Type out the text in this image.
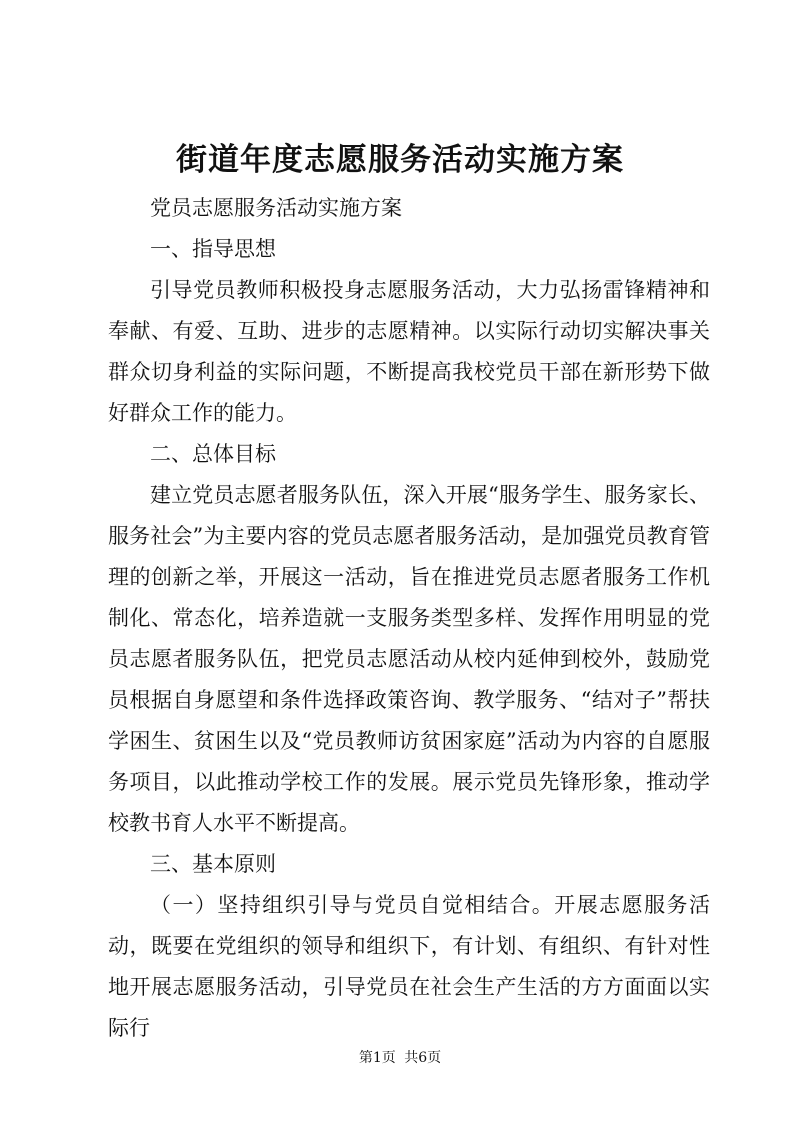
街道年度志愿服务活动实施方案

党员志愿服务活动实施方案

一、指导思想

引导党员教师积极投身志愿服务活动，大力弘扬雷锋精神和奉献、有爱、互助、进步的志愿精神。以实际行动切实解决事关群众切身利益的实际问题，不断提高我校党员干部在新形势下做好群众工作的能力。

二、总体目标

建立党员志愿者服务队伍，深入开展“服务学生、服务家长、服务社会”为主要内容的党员志愿者服务活动，是加强党员教育管理的创新之举，开展这一活动，旨在推进党员志愿者服务工作机制化、常态化，培养造就一支服务类型多样、发挥作用明显的党员志愿者服务队伍，把党员志愿活动从校内延伸到校外，鼓励党员根据自身愿望和条件选择政策咨询、教学服务、“结对子”帮扶学困生、贫困生以及“党员教师访贫困家庭”活动为内容的自愿服务项目，以此推动学校工作的发展。展示党员先锋形象，推动学校教书育人水平不断提高。

三、基本原则

（一）坚持组织引导与党员自觉相结合。开展志愿服务活动，既要在党组织的领导和组织下，有计划、有组织、有针对性地开展志愿服务活动，引导党员在社会生产生活的方方面面以实际行

第1页 共6页
